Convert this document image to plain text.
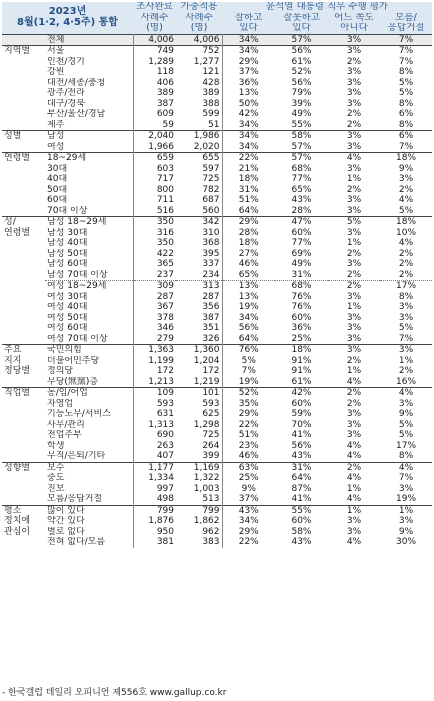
2023년
8월(1·2, 4·5주) 통합		조사완료	가중적용	윤석열 대통령 직무 수행 평가			
		사례수	사례수	잘하고	잘못하고	어느 쪽도	모름/
		(명)	(명)	있다	있다	아니다	응답거절
	전체	4,006	4,006	34%	57%	3%	7%

지역별	서울	749	752	34%	56%	3%	7%
	인천/경기	1,289	1,277	29%	61%	2%	7%
	강원	118	121	37%	52%	3%	8%
	대전/세종/충청	406	428	36%	56%	3%	5%
	광주/전라	389	389	13%	79%	3%	5%
	대구/경북	387	388	50%	39%	3%	8%
	부산/울산/경남	609	599	42%	49%	2%	6%
	제주	59	51	34%	55%	2%	8%

성별	남성	2,040	1,986	34%	58%	3%	6%
	여성	1,966	2,020	34%	57%	3%	7%

연령별	18~29세	659	655	22%	57%	4%	18%
	30대	603	597	21%	68%	3%	9%
	40대	717	725	18%	77%	1%	3%
	50대	800	782	31%	65%	2%	2%
	60대	711	687	51%	43%	3%	4%
	70대 이상	516	560	64%	28%	3%	5%

성/
연령별	남성 18~29세	350	342	29%	47%	5%	18%
	남성 30대	316	310	28%	60%	3%	10%
	남성 40대	350	368	18%	77%	1%	4%
	남성 50대	422	395	27%	69%	2%	2%
	남성 60대	365	337	46%	49%	3%	2%
	남성 70대 이상	237	234	65%	31%	2%	2%
	여성 18~29세	309	313	13%	68%	2%	17%
	여성 30대	287	287	13%	76%	3%	8%
	여성 40대	367	356	19%	76%	1%	3%
	여성 50대	378	387	34%	60%	3%	3%
	여성 60대	346	351	56%	36%	3%	5%
	여성 70대 이상	279	326	64%	25%	3%	7%

주요
지지
정당별	국민의힘	1,363	1,360	76%	18%	3%	3%
	더불어민주당	1,199	1,204	5%	91%	2%	1%
	정의당	172	172	7%	91%	1%	2%
	무당(無黨)층	1,213	1,219	19%	61%	4%	16%

직업별	농/임/어업	109	101	52%	42%	2%	4%
	자영업	593	593	35%	60%	2%	3%
	기능노무/서비스	631	625	29%	59%	3%	9%
	사무/관리	1,313	1,298	22%	70%	3%	5%
	전업주부	690	725	51%	41%	3%	5%
	학생	263	264	23%	56%	4%	17%
	무직/은퇴/기타	407	399	46%	43%	4%	8%

성향별	보수	1,177	1,169	63%	31%	2%	4%
	중도	1,334	1,322	25%	64%	4%	7%
	진보	997	1,003	9%	87%	1%	3%
	모름/응답거절	498	513	37%	41%	4%	19%

평소
정치에
관심이	많이 있다	799	799	43%	55%	1%	1%
	약간 있다	1,876	1,862	34%	60%	3%	3%
	별로 없다	950	962	29%	58%	3%	9%
	전혀 없다/모름	381	383	22%	43%	4%	30%
- 한국갤럽 데일리 오피니언 제556호 www.gallup.co.kr
